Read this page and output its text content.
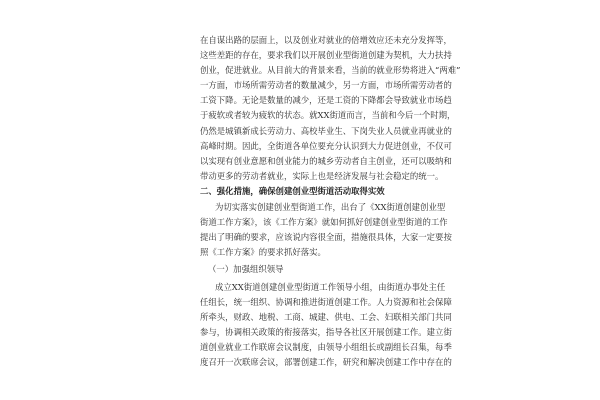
在自谋出路的层面上，以及创业对就业的倍增效应还未充分发挥等，
这些差距的存在，要求我们以开展创业型街道创建为契机，大力扶持
创业，促进就业。从目前大的背景来看，当前的就业形势将进入“两难”
一方面，市场所需劳动者的数量减少，另一方面，市场所需劳动者的
工资下降。无论是数量的减少，还是工资的下降都会导致就业市场趋
于疲软或者较为疲软的状态。就XX街道而言，当前和今后一个时期，
仍然是城镇新成长劳动力、高校毕业生、下岗失业人员就业再就业的
高峰时期。因此，全街道各单位要充分认识到大力促进创业，不仅可
以实现有创业意愿和创业能力的城乡劳动者自主创业，还可以吸纳和
带动更多的劳动者就业，实际上也是经济发展与社会稳定的统一。
二、强化措施，确保创建创业型街道活动取得实效
为切实落实创建创业型街道工作，出台了《XX街道创建创业型
街道工作方案》，该《工作方案》就如何抓好创建创业型街道的工作
提出了明确的要求，应该说内容很全面，措施很具体，大家一定要按
照《工作方案》的要求抓好落实。
（一）加强组织领导
成立XX街道创建创业型街道工作领导小组，由街道办事处主任
任组长，统一组织、协调和推进街道创建工作。人力资源和社会保障
所牵头，财政、地税、工商、城建、供电、工会、妇联相关部门共同
参与，协调相关政策的衔接落实，指导各社区开展创建工作。建立街
道创业就业工作联席会议制度，由领导小组组长或副组长召集，每季
度召开一次联席会议，部署创建工作，研究和解决创建工作中存在的
